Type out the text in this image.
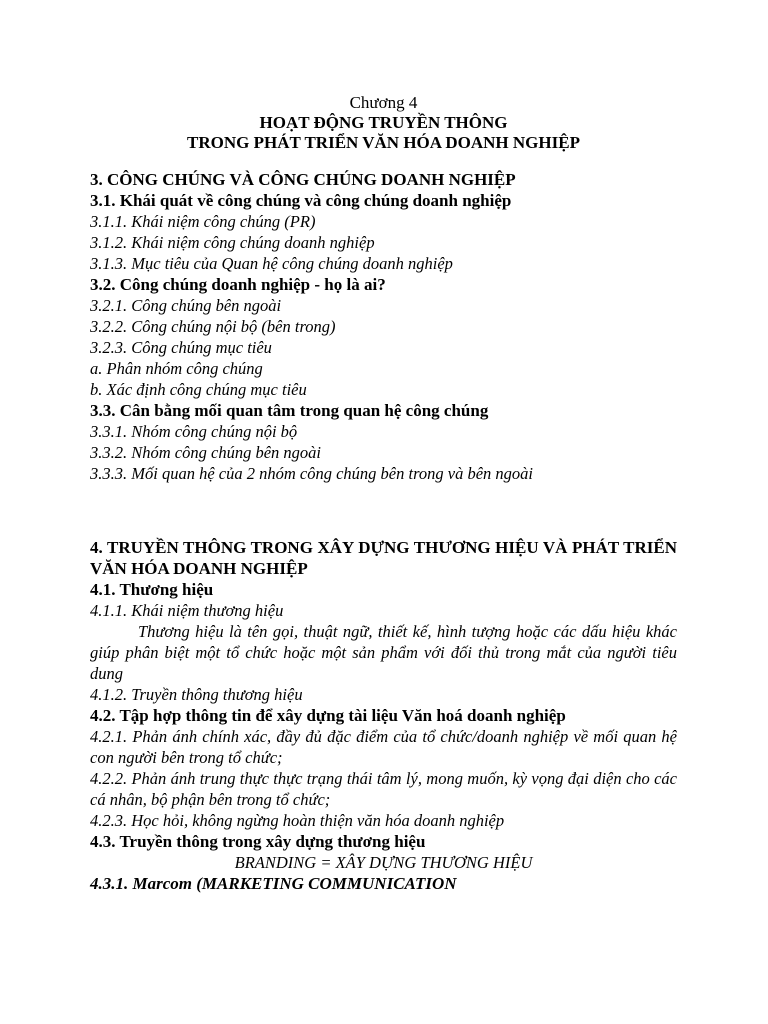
Chương 4
HOẠT ĐỘNG TRUYỀN THÔNG
TRONG PHÁT TRIỂN VĂN HÓA DOANH NGHIỆP

3. CÔNG CHÚNG VÀ CÔNG CHÚNG DOANH NGHIỆP

3.1. Khái quát về công chúng và công chúng doanh nghiệp

3.1.1. Khái niệm công chúng (PR)

3.1.2. Khái niệm công chúng doanh nghiệp

3.1.3. Mục tiêu của Quan hệ công chúng doanh nghiệp

3.2. Công chúng doanh nghiệp - họ là ai?

3.2.1. Công chúng bên ngoài

3.2.2. Công chúng nội bộ (bên trong)

3.2.3. Công chúng mục tiêu

a. Phân nhóm công chúng

b. Xác định công chúng mục tiêu

3.3. Cân bằng mối quan tâm trong quan hệ công chúng

3.3.1. Nhóm công chúng nội bộ

3.3.2. Nhóm công chúng bên ngoài

3.3.3. Mối quan hệ của 2 nhóm công chúng bên trong và bên ngoài

4. TRUYỀN THÔNG TRONG XÂY DỰNG THƯƠNG HIỆU VÀ PHÁT TRIỂN VĂN HÓA DOANH NGHIỆP

4.1. Thương hiệu

4.1.1. Khái niệm thương hiệu

Thương hiệu là tên gọi, thuật ngữ, thiết kế, hình tượng hoặc các dấu hiệu khác giúp phân biệt một tổ chức hoặc một sản phẩm với đối thủ trong mắt của người tiêu dung

4.1.2. Truyền thông thương hiệu

4.2. Tập hợp thông tin để xây dựng tài liệu Văn hoá doanh nghiệp

4.2.1. Phản ánh chính xác, đầy đủ đặc điểm của tổ chức/doanh nghiệp về mối quan hệ con người bên trong tổ chức;

4.2.2. Phản ánh trung thực thực trạng thái tâm lý, mong muốn, kỳ vọng đại diện cho các cá nhân, bộ phận bên trong tổ chức;

4.2.3. Học hỏi, không ngừng hoàn thiện văn hóa doanh nghiệp

4.3. Truyền thông trong xây dựng thương hiệu

BRANDING = XÂY DỰNG THƯƠNG HIỆU

4.3.1. Marcom (MARKETING COMMUNICATION
